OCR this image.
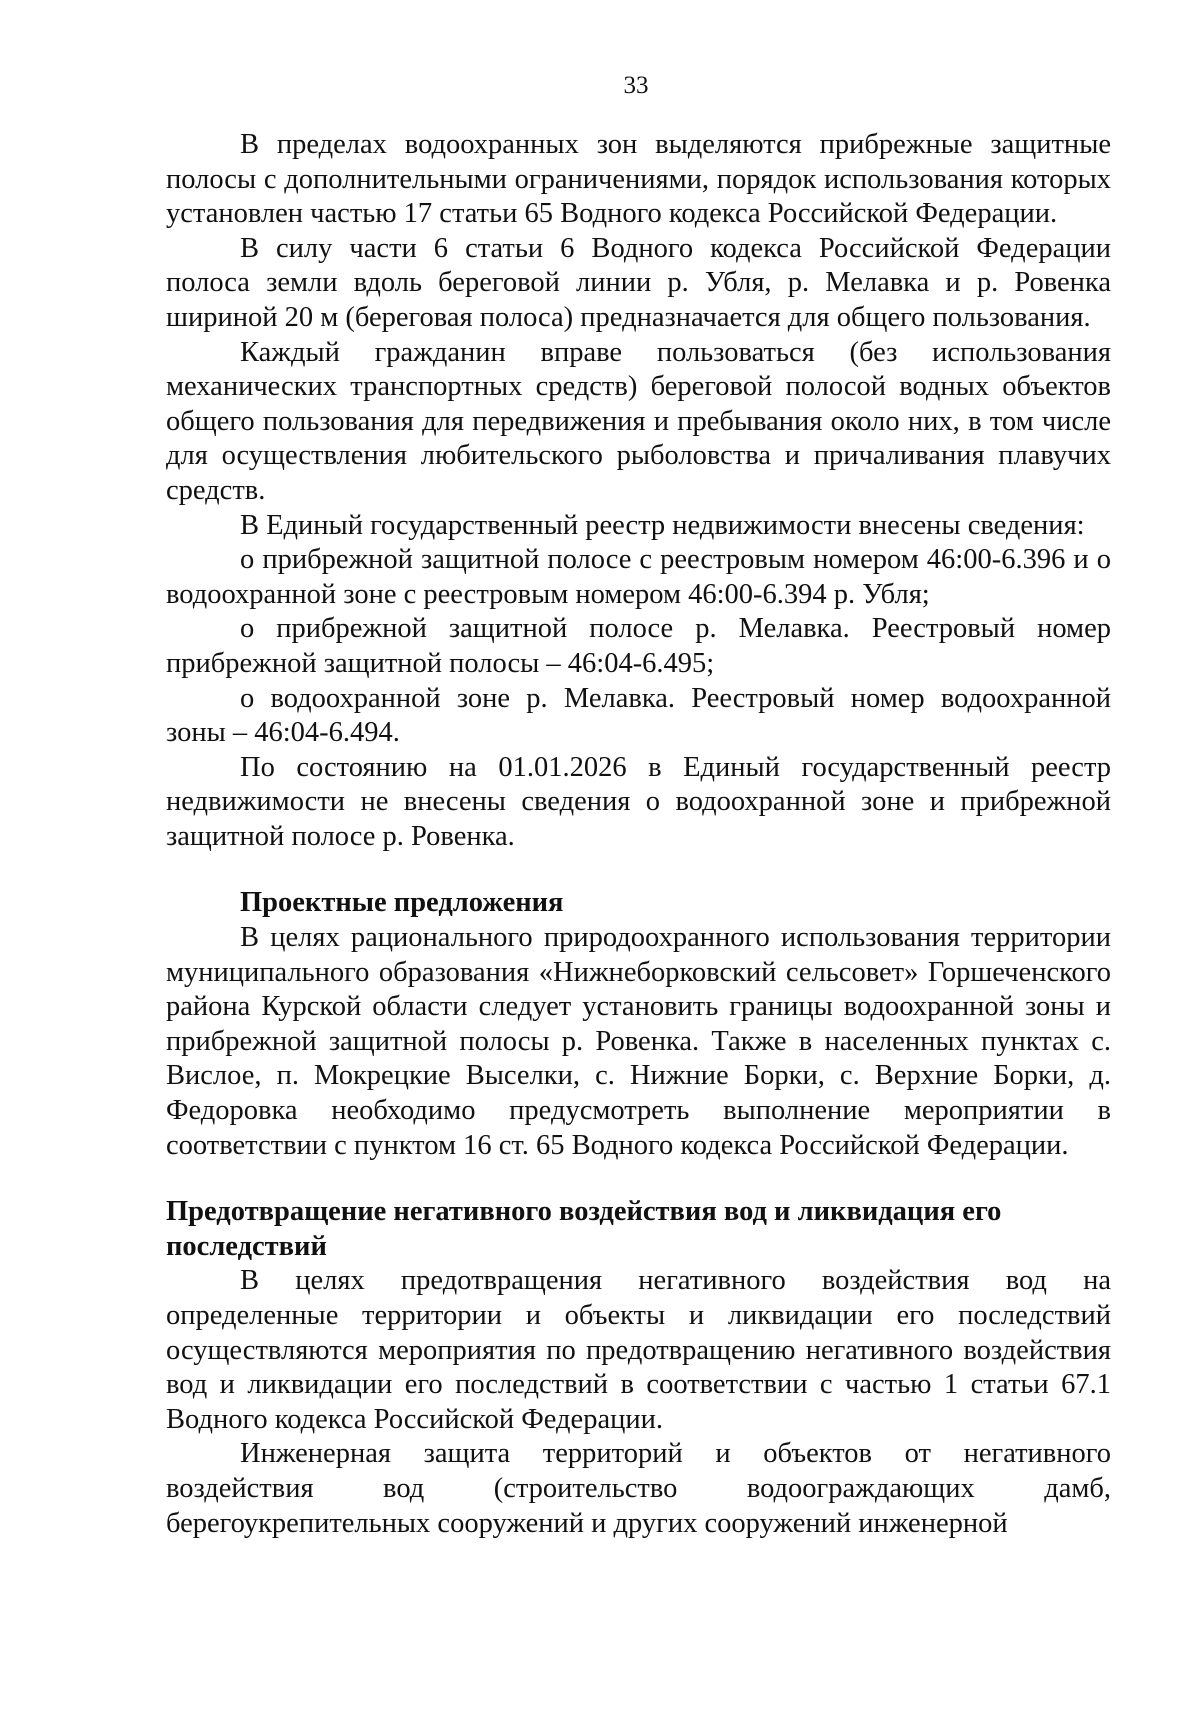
33

В пределах водоохранных зон выделяются прибрежные защитные полосы с дополнительными ограничениями, порядок использования которых установлен частью 17 статьи 65 Водного кодекса Российской Федерации.

В силу части 6 статьи 6 Водного кодекса Российской Федерации полоса земли вдоль береговой линии р. Убля, р. Мелавка и р. Ровенка шириной 20 м (береговая полоса) предназначается для общего пользования.

Каждый гражданин вправе пользоваться (без использования механических транспортных средств) береговой полосой водных объектов общего пользования для передвижения и пребывания около них, в том числе для осуществления любительского рыболовства и причаливания плавучих средств.

В Единый государственный реестр недвижимости внесены сведения:

о прибрежной защитной полосе с реестровым номером 46:00-6.396 и о водоохранной зоне с реестровым номером 46:00-6.394 р. Убля;

о прибрежной защитной полосе р. Мелавка. Реестровый номер прибрежной защитной полосы – 46:04-6.495;

о водоохранной зоне р. Мелавка. Реестровый номер водоохранной зоны – 46:04-6.494.

По состоянию на 01.01.2026 в Единый государственный реестр недвижимости не внесены сведения о водоохранной зоне и прибрежной защитной полосе р. Ровенка.

Проектные предложения

В целях рационального природоохранного использования территории муниципального образования «Нижнеборковский сельсовет» Горшеченского района Курской области следует установить границы водоохранной зоны и прибрежной защитной полосы р. Ровенка. Также в населенных пунктах с. Вислое, п. Мокрецкие Выселки, с. Нижние Борки, с. Верхние Борки, д. Федоровка необходимо предусмотреть выполнение мероприятии в соответствии с пунктом 16 ст. 65 Водного кодекса Российской Федерации.

Предотвращение негативного воздействия вод и ликвидация его

последствий

В целях предотвращения негативного воздействия вод на определенные территории и объекты и ликвидации его последствий осуществляются мероприятия по предотвращению негативного воздействия вод и ликвидации его последствий в соответствии с частью 1 статьи 67.1 Водного кодекса Российской Федерации.

Инженерная защита территорий и объектов от негативного воздействия вод (строительство водоограждающих дамб, берегоукрепительных сооружений и других сооружений инженерной
